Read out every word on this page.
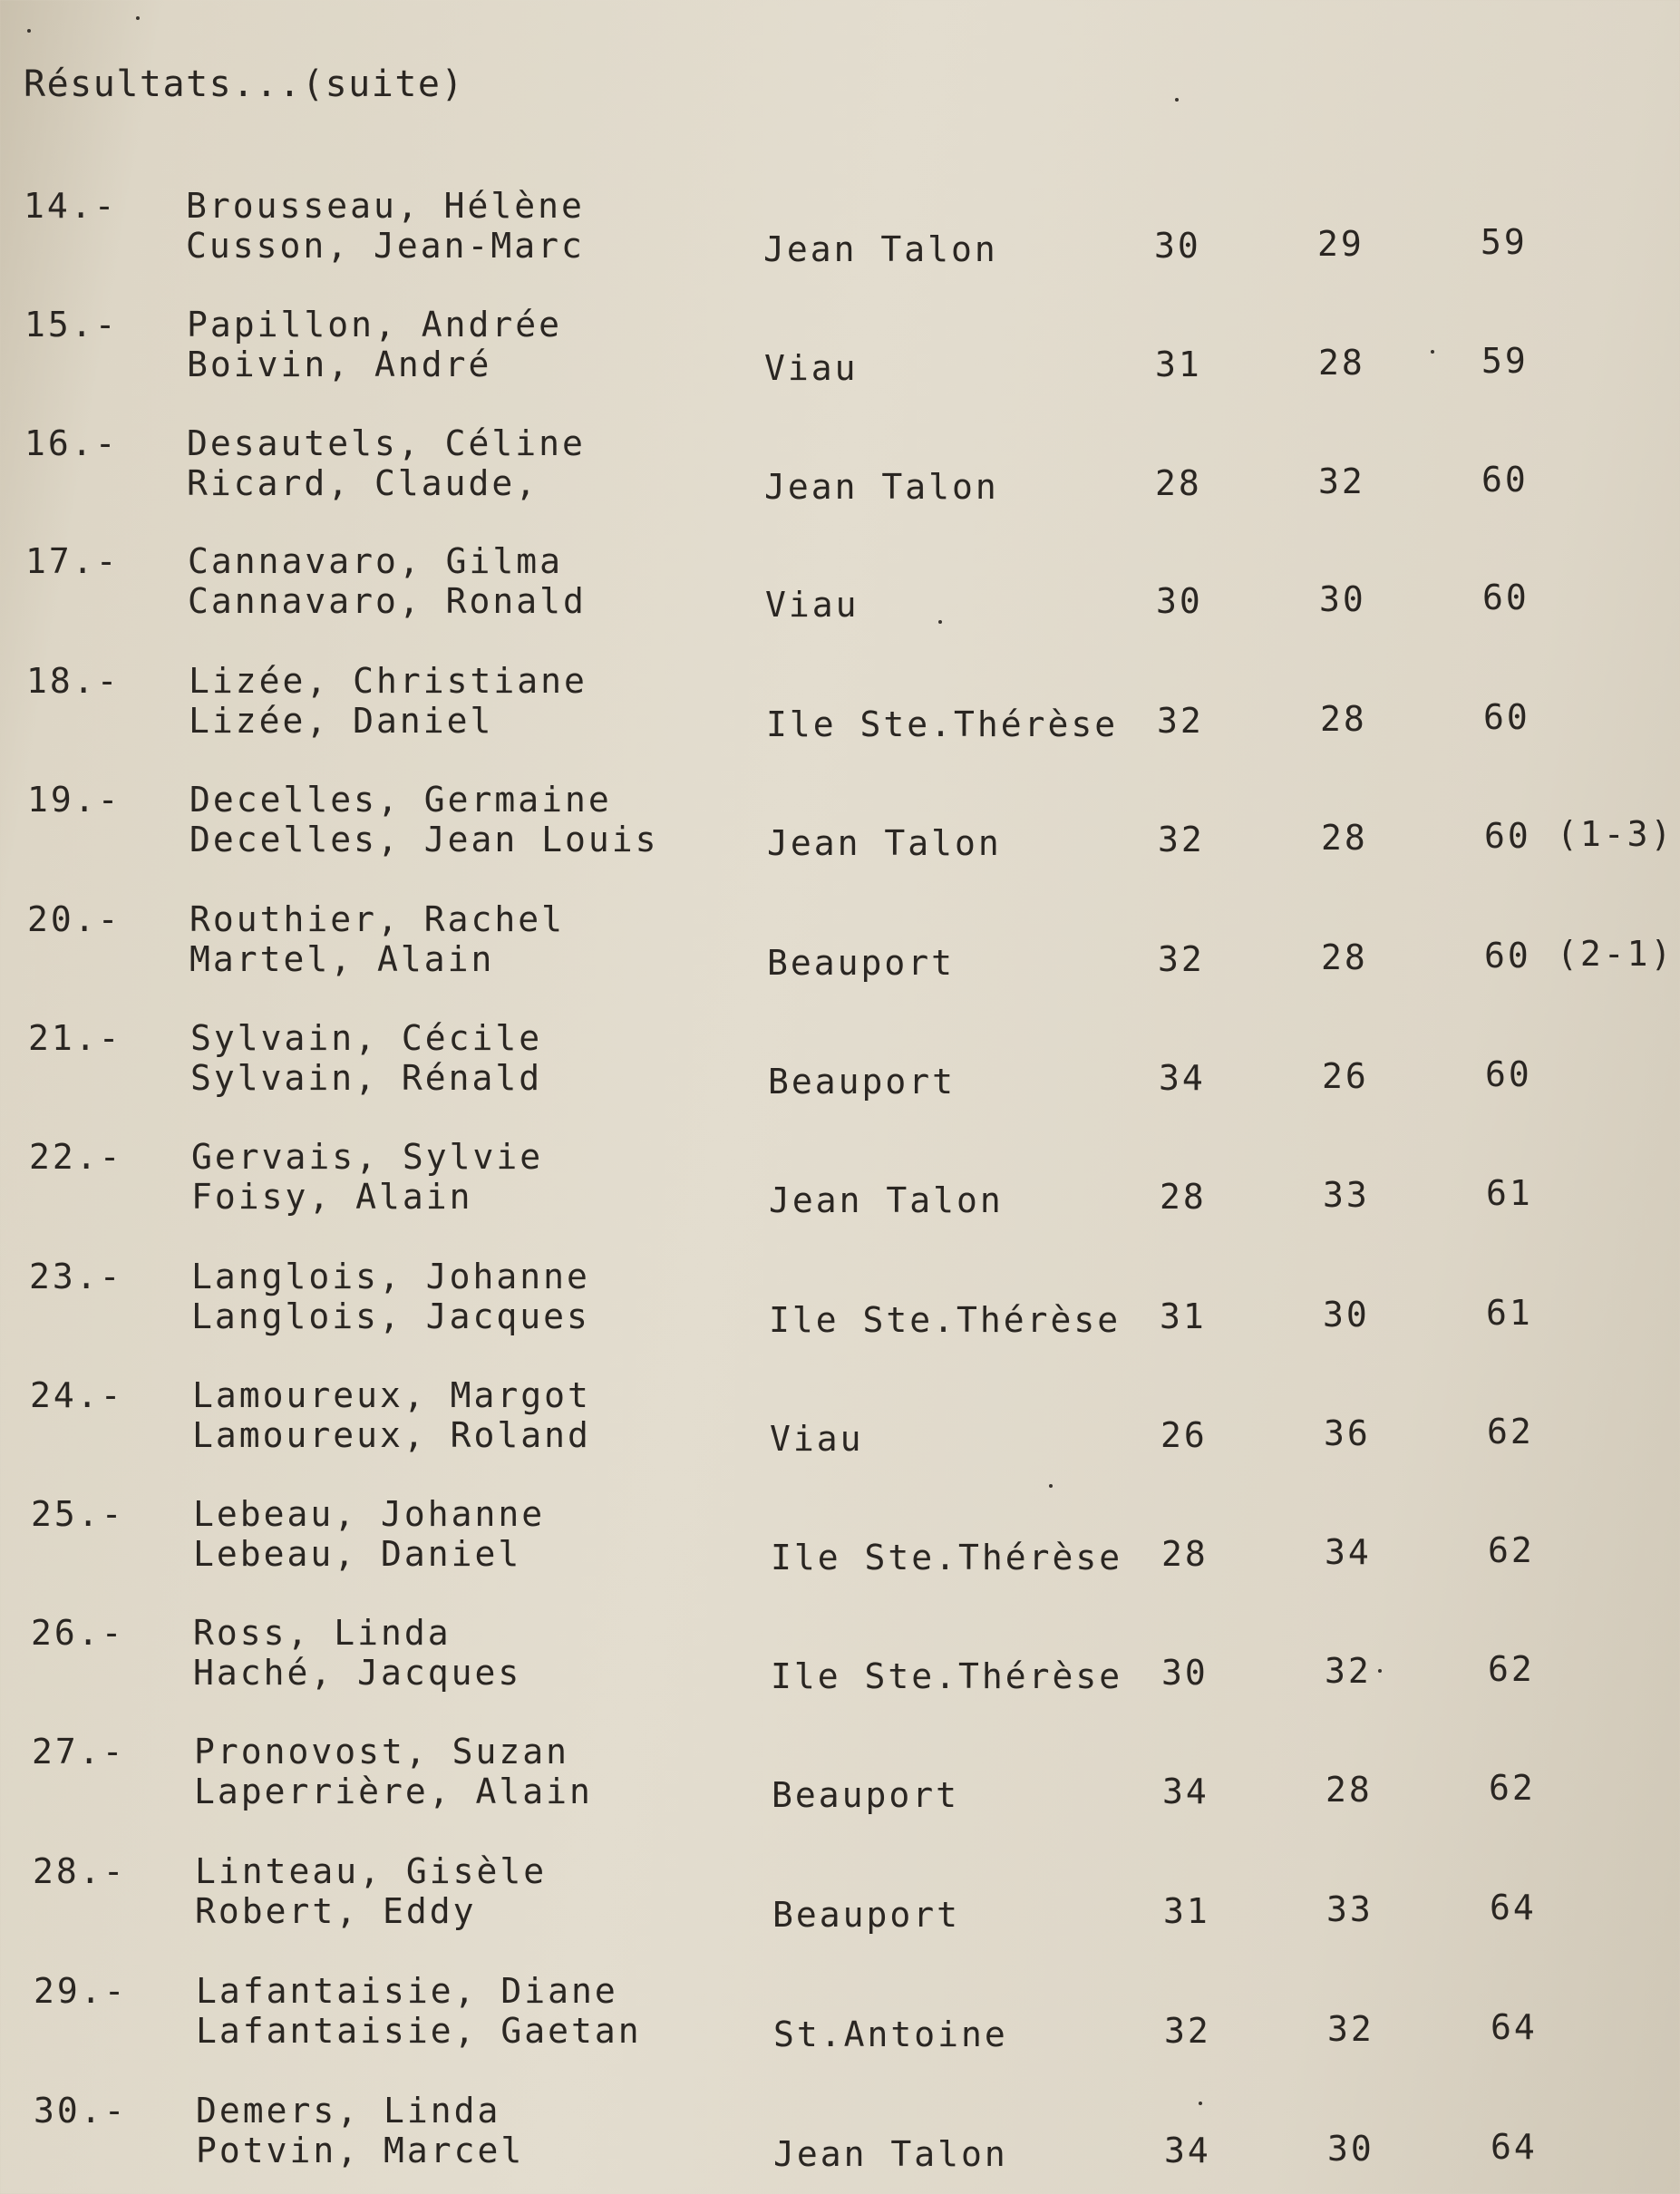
Résultats...(suite)
14.- Brousseau, Hélène
Cusson, Jean-Marc	Jean Talon	30	29	59
15.- Papillon, Andrée
Boivin, André	Viau	31	28	59
16.- Desautels, Céline
Ricard, Claude,	Jean Talon	28	32	60
17.- Cannavaro, Gilma
Cannavaro, Ronald	Viau	30	30	60
18.- Lizée, Christiane
Lizée, Daniel	Ile Ste.Thérèse 32	28	60
19.- Decelles, Germaine
Decelles, Jean Louis	Jean Talon	32	28	60 (1-3)
20.- Routhier, Rachel
Martel, Alain	Beauport	32	28	60 (2-1)
21.- Sylvain, Cécile
Sylvain, Rénald	Beauport	34	26	60
22.- Gervais, Sylvie
Foisy, Alain	Jean Talon	28	33	61
23.- Langlois, Johanne
Langlois, Jacques	Ile Ste.Thérèse 31	30	61
24.- Lamoureux, Margot
Lamoureux, Roland	Viau	26	36	62
25.- Lebeau, Johanne
Lebeau, Daniel	Ile Ste.Thérèse 28	34	62
26.- Ross, Linda
Haché, Jacques	Ile Ste.Thérèse 30	32	62
27.- Pronovost, Suzan
Laperrière, Alain	Beauport	34	28	62
28.- Linteau, Gisèle
Robert, Eddy	Beauport	31	33	64
29.- Lafantaisie, Diane
Lafantaisie, Gaetan	St.Antoine	32	32	64
30.- Demers, Linda
Potvin, Marcel	Jean Talon	34	30	64
